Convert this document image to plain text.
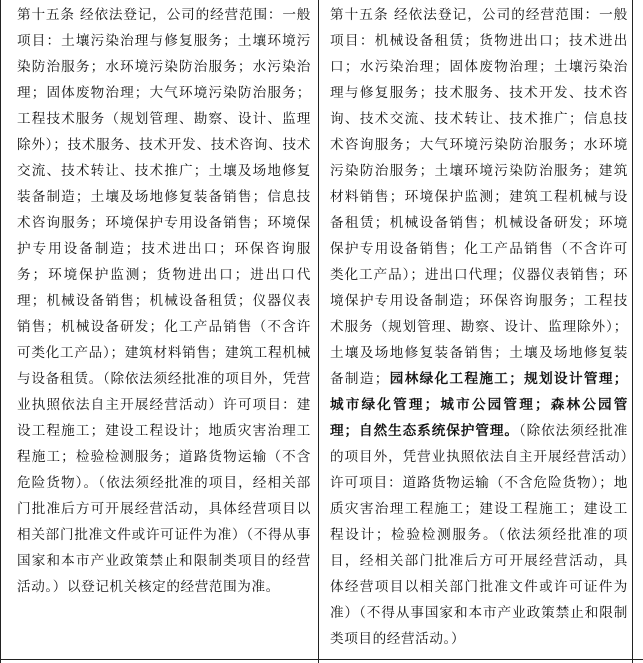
第十五条 经依法登记，公司的经营范围：一般项目：土壤污染治理与修复服务；土壤环境污染防治服务；水环境污染防治服务；水污染治理；固体废物治理；大气环境污染防治服务；工程技术服务（规划管理、勘察、设计、监理除外）；技术服务、技术开发、技术咨询、技术交流、技术转让、技术推广；土壤及场地修复装备制造；土壤及场地修复装备销售；信息技术咨询服务；环境保护专用设备销售；环境保护专用设备制造；技术进出口；环保咨询服务；环境保护监测；货物进出口；进出口代理；机械设备销售；机械设备租赁；仪器仪表销售；机械设备研发；化工产品销售（不含许可类化工产品）；建筑材料销售；建筑工程机械与设备租赁。（除依法须经批准的项目外，凭营业执照依法自主开展经营活动）许可项目：建设工程施工；建设工程设计；地质灾害治理工程施工；检验检测服务；道路货物运输（不含危险货物）。（依法须经批准的项目，经相关部门批准后方可开展经营活动，具体经营项目以相关部门批准文件或许可证件为准）（不得从事国家和本市产业政策禁止和限制类项目的经营活动。）以登记机关核定的经营范围为准。
第十五条 经依法登记，公司的经营范围：一般项目：机械设备租赁；货物进出口；技术进出口；水污染治理；固体废物治理；土壤污染治理与修复服务；技术服务、技术开发、技术咨询、技术交流、技术转让、技术推广；信息技术咨询服务；大气环境污染防治服务；水环境污染防治服务；土壤环境污染防治服务；建筑材料销售；环境保护监测；建筑工程机械与设备租赁；机械设备销售；机械设备研发；环境保护专用设备销售；化工产品销售（不含许可类化工产品）；进出口代理；仪器仪表销售；环境保护专用设备制造；环保咨询服务；工程技术服务（规划管理、勘察、设计、监理除外）；土壤及场地修复装备销售；土壤及场地修复装备制造；园林绿化工程施工；规划设计管理；城市绿化管理；城市公园管理；森林公园管理；自然生态系统保护管理。（除依法须经批准的项目外，凭营业执照依法自主开展经营活动）许可项目：道路货物运输（不含危险货物）；地质灾害治理工程施工；建设工程施工；建设工程设计；检验检测服务。（依法须经批准的项目，经相关部门批准后方可开展经营活动，具体经营项目以相关部门批准文件或许可证件为准）（不得从事国家和本市产业政策禁止和限制类项目的经营活动。）
